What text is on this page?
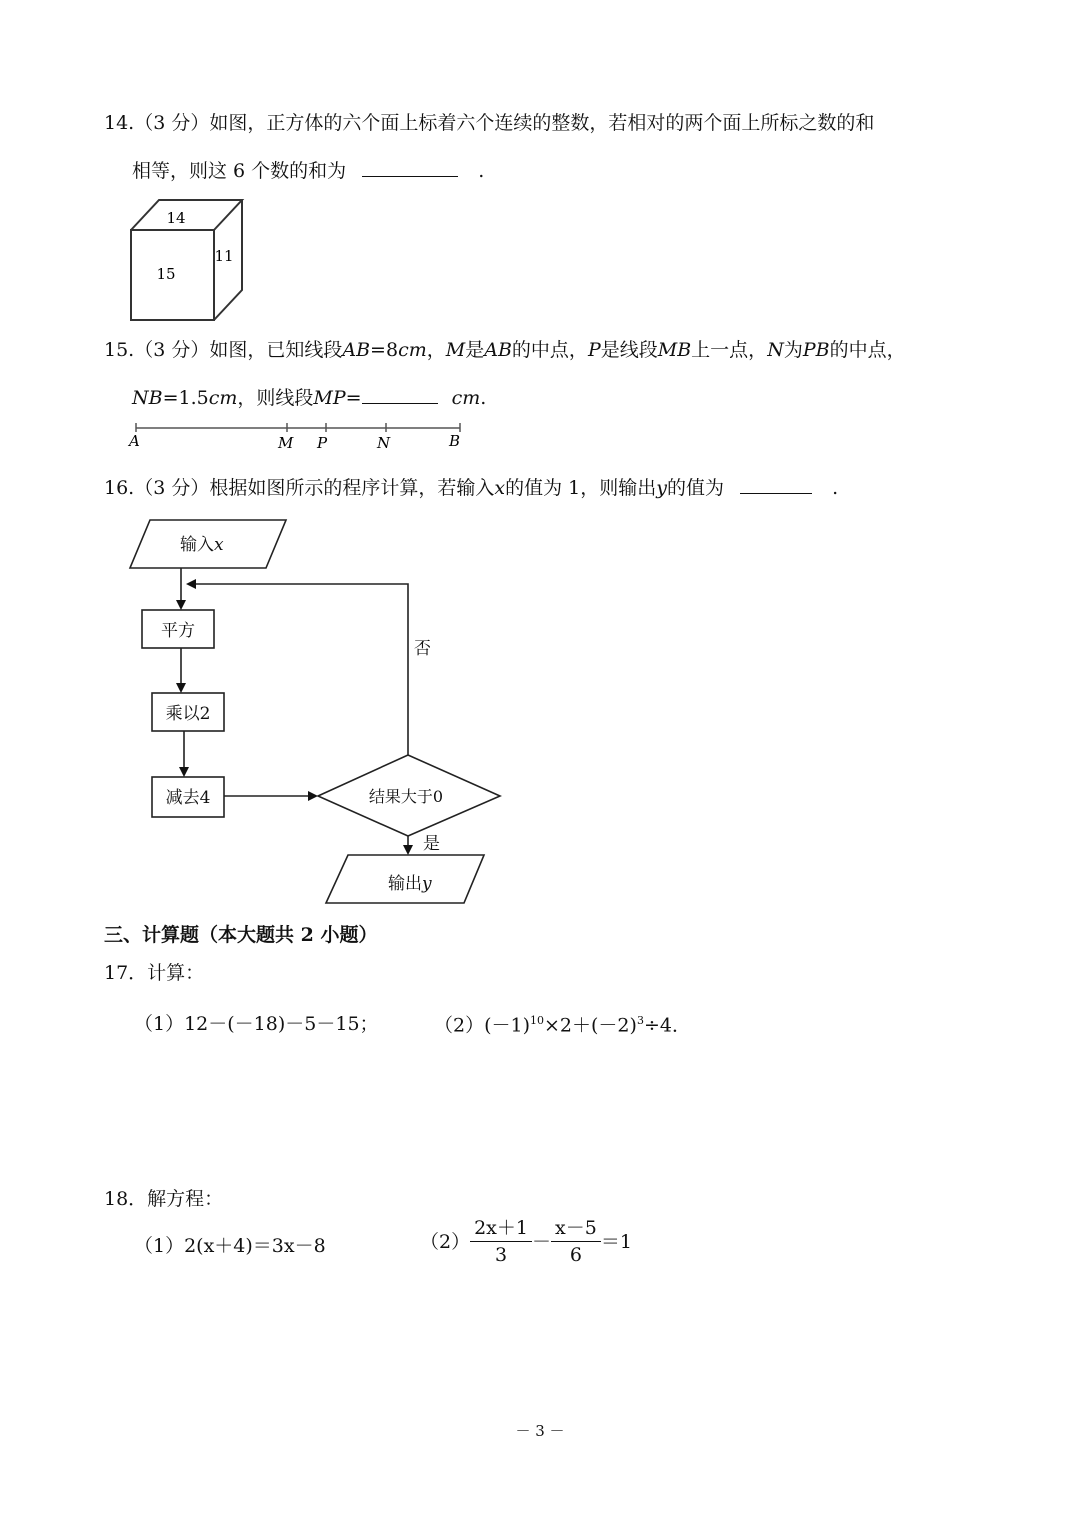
14.（3 分）如图，正方体的六个面上标着六个连续的整数，若相对的两个面上所标之数的和
相等，则这 6 个数的和为	.
14
15
11
15.（3 分）如图，已知线段AB=8cm，M是AB的中点，P是线段MB上一点，N为PB的中点，
NB=1.5cm，则线段MP=	cm.
A	M P	N	B
16.（3 分）根据如图所示的程序计算，若输入x的值为 1，则输出y的值为	.
输入x
平方
乘以2
减去4	结果大于0
否
是
输出y
三、计算题（本大题共 2 小题）
17．计算：
（1）12－(－18)－5－15；	$(2)(-1)^{10}\times 2+(-2)^3\div 4$．
18．解方程：
（1）2(x＋4)＝3x－8	$(2) \frac{2x+1}{3} - \frac{x-5}{6} =1$
－ 3 －
